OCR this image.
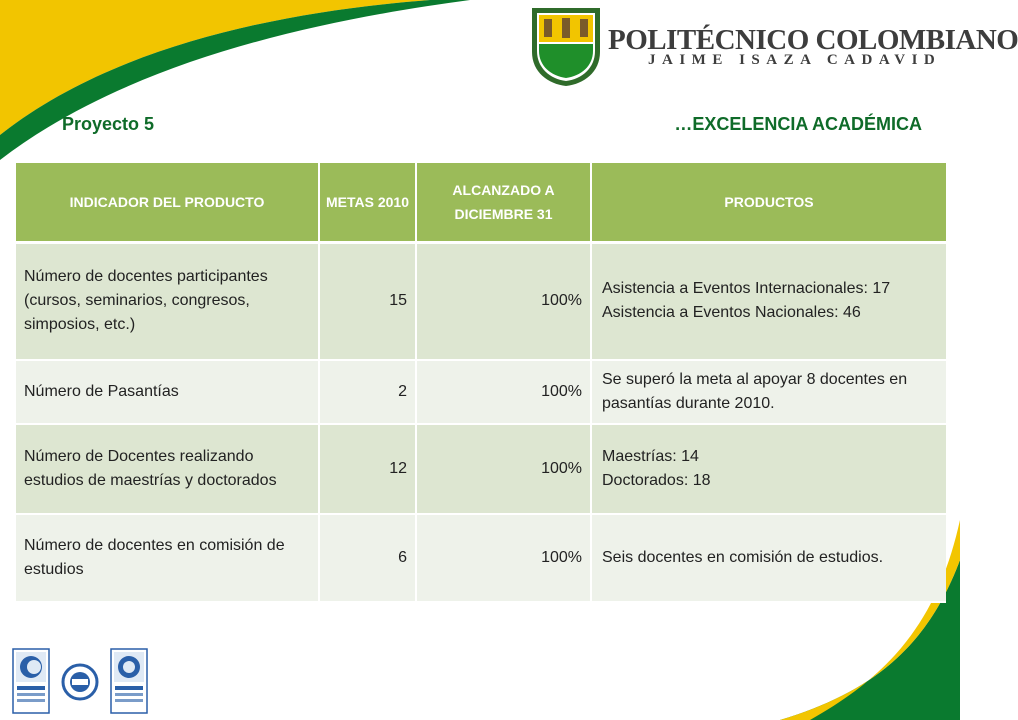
POLITÉCNICO COLOMBIANO
JAIME ISAZA CADAVID
Proyecto 5	…EXCELENCIA ACADÉMICA
INDICADOR DEL PRODUCTO	METAS 2010	ALCANZADO A DICIEMBRE 31	PRODUCTOS
Número de docentes participantes (cursos, seminarios, congresos, simposios, etc.)	15	100%	Asistencia a Eventos Internacionales: 17
Asistencia a Eventos Nacionales: 46

Número de Pasantías	2	100%	Se superó la meta al apoyar 8 docentes en pasantías durante 2010.

Número de Docentes realizando estudios de maestrías y doctorados	12	100%	Maestrías: 14
Doctorados: 18

Número de docentes en comisión de estudios	6	100%	Seis docentes en comisión de estudios.
